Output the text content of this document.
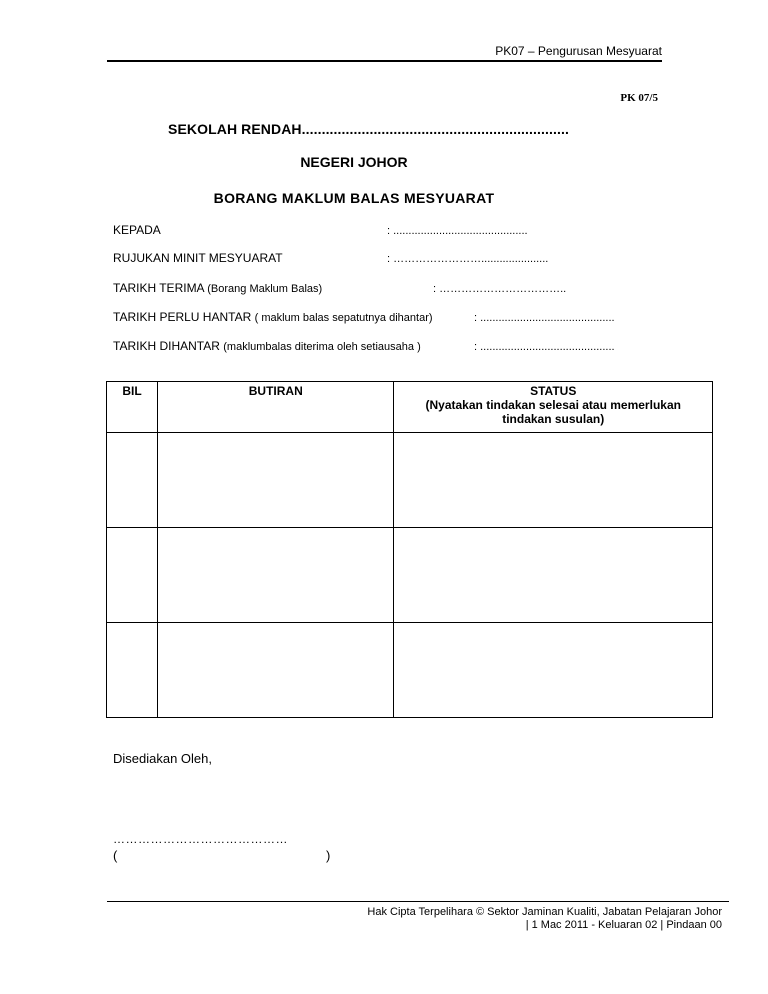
PK07 – Pengurusan Mesyuarat
PK 07/5
SEKOLAH RENDAH...................................................................
NEGERI JOHOR
BORANG MAKLUM BALAS MESYUARAT
KEPADA	: ............................................
RUJUKAN MINIT MESYUARAT	: ……………………......................
TARIKH TERIMA (Borang Maklum Balas)	: ……………………………..
TARIKH PERLU HANTAR ( maklum balas sepatutnya dihantar)	: ............................................
TARIKH DIHANTAR (maklumbalas diterima oleh setiausaha )	: ............................................
BIL	BUTIRAN	STATUS
(Nyatakan tindakan selesai atau memerlukan tindakan susulan)

Disediakan Oleh,
……………………………………
(	)
Hak Cipta Terpelihara © Sektor Jaminan Kualiti, Jabatan Pelajaran Johor
| 1 Mac 2011 - Keluaran 02 | Pindaan 00
